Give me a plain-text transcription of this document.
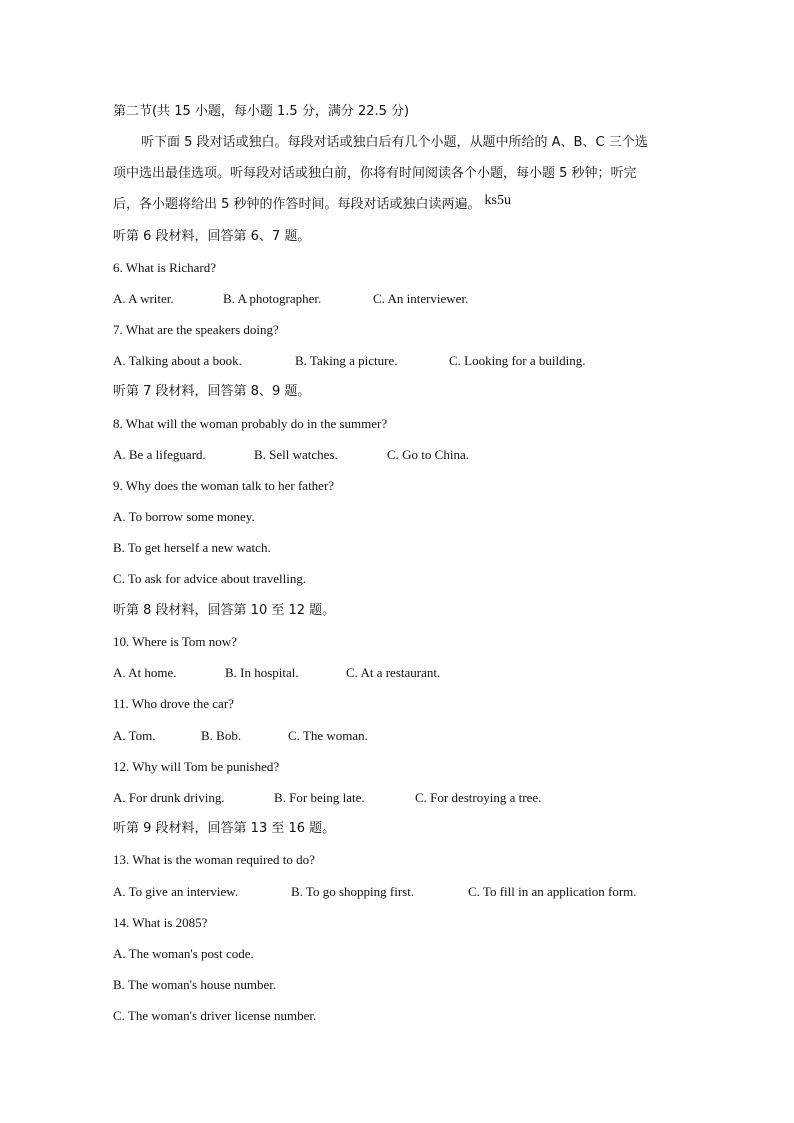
第二节(共 15 小题，每小题 1.5 分，满分 22.5 分)
听下面 5 段对话或独白。每段对话或独白后有几个小题，从题中所给的 A、B、C 三个选
项中选出最佳选项。听每段对话或独白前，你将有时间阅读各个小题，每小题 5 秒钟；听完
后，各小题将给出 5 秒钟的作答时间。每段对话或独白读两遍。 ks5u
听第 6 段材料，回答第 6、7 题。
6. What is Richard?
A. A writer.	B. A photographer.	C. An interviewer.
7. What are the speakers doing?
A. Talking about a book.	B. Taking a picture.	C. Looking for a building.
听第 7 段材料，回答第 8、9 题。
8. What will the woman probably do in the summer?
A. Be a lifeguard.	B. Sell watches.	C. Go to China.
9. Why does the woman talk to her father?
A. To borrow some money.
B. To get herself a new watch.
C. To ask for advice about travelling.
听第 8 段材料，回答第 10 至 12 题。
10. Where is Tom now?
A. At home.	B. In hospital.	C. At a restaurant.
11. Who drove the car?
A. Tom.	B. Bob.	C. The woman.
12. Why will Tom be punished?
A. For drunk driving.	B. For being late.	C. For destroying a tree.
听第 9 段材料，回答第 13 至 16 题。
13. What is the woman required to do?
A. To give an interview.	B. To go shopping first.	C. To fill in an application form.
14. What is 2085?
A. The woman's post code.
B. The woman's house number.
C. The woman's driver license number.
